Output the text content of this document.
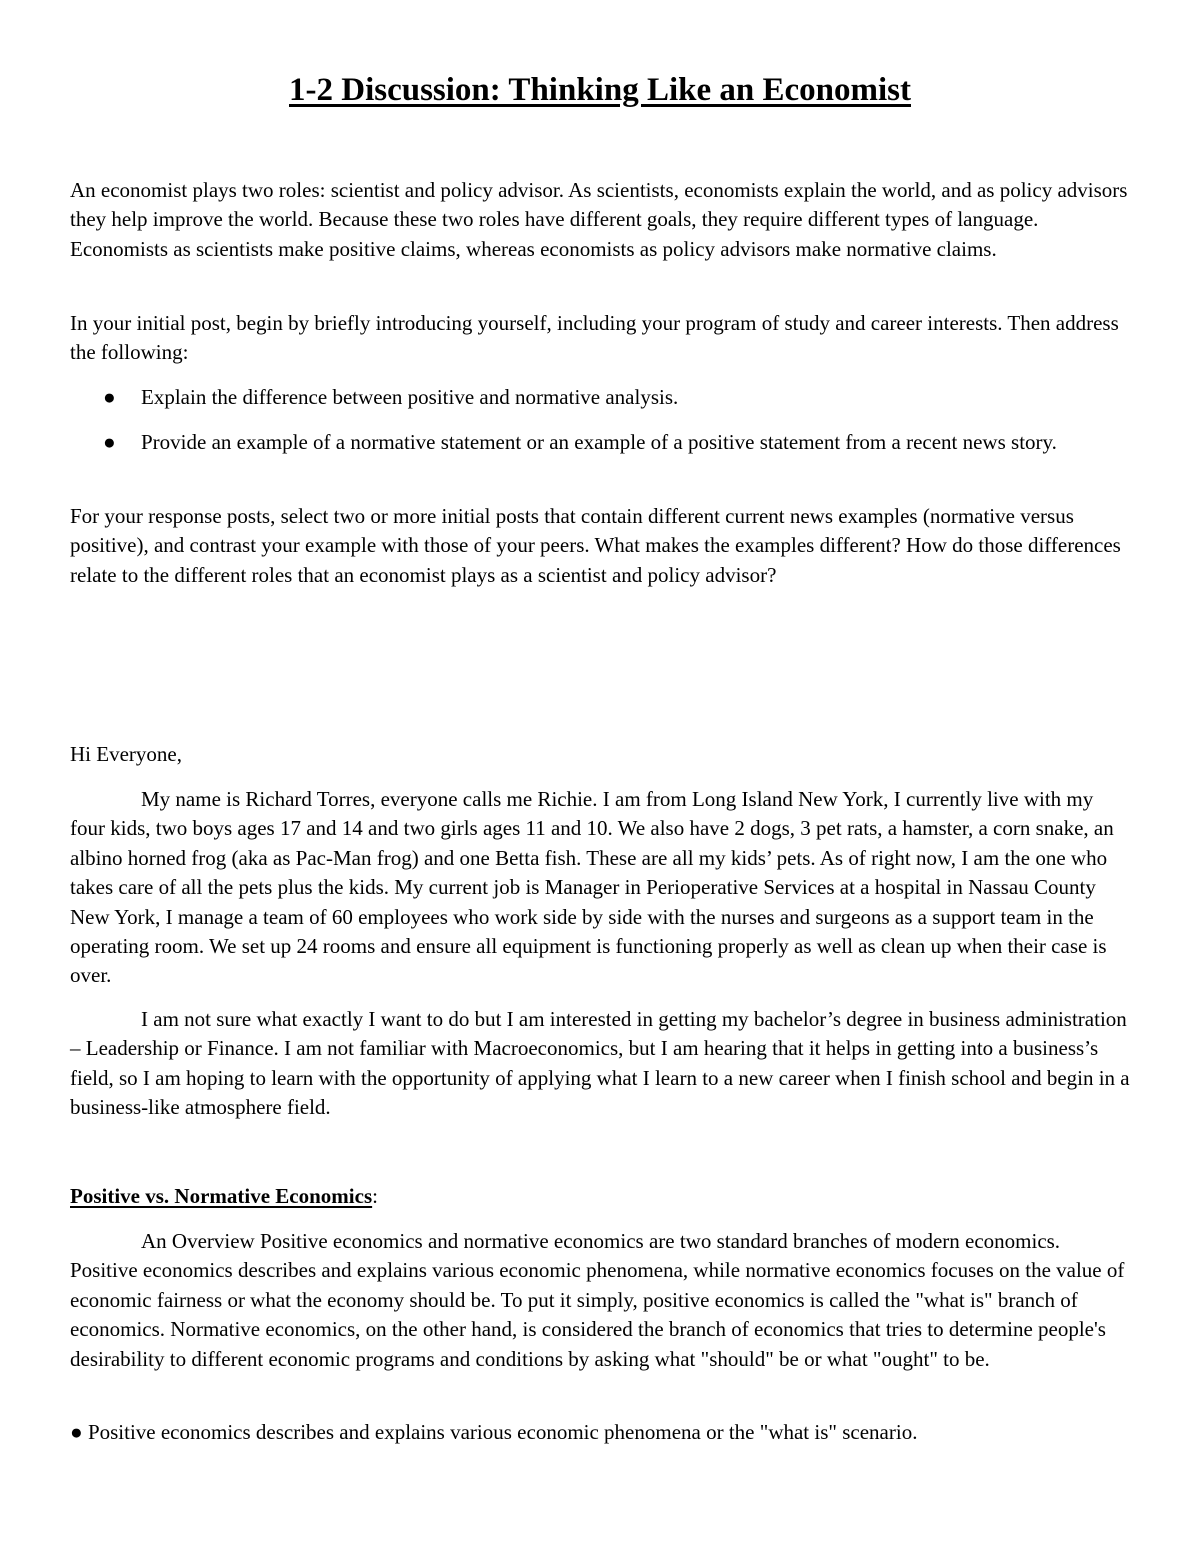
1-2 Discussion: Thinking Like an Economist

An economist plays two roles: scientist and policy advisor. As scientists, economists explain the world, and as policy advisors they help improve the world. Because these two roles have different goals, they require different types of language. Economists as scientists make positive claims, whereas economists as policy advisors make normative claims.

In your initial post, begin by briefly introducing yourself, including your program of study and career interests. Then address the following:

● Explain the difference between positive and normative analysis.

● Provide an example of a normative statement or an example of a positive statement from a recent news story.

For your response posts, select two or more initial posts that contain different current news examples (normative versus positive), and contrast your example with those of your peers. What makes the examples different? How do those differences relate to the different roles that an economist plays as a scientist and policy advisor?

Hi Everyone,

My name is Richard Torres, everyone calls me Richie. I am from Long Island New York, I currently live with my four kids, two boys ages 17 and 14 and two girls ages 11 and 10. We also have 2 dogs, 3 pet rats, a hamster, a corn snake, an albino horned frog (aka as Pac-Man frog) and one Betta fish. These are all my kids’ pets. As of right now, I am the one who takes care of all the pets plus the kids. My current job is Manager in Perioperative Services at a hospital in Nassau County New York, I manage a team of 60 employees who work side by side with the nurses and surgeons as a support team in the operating room. We set up 24 rooms and ensure all equipment is functioning properly as well as clean up when their case is over.

I am not sure what exactly I want to do but I am interested in getting my bachelor’s degree in business administration – Leadership or Finance. I am not familiar with Macroeconomics, but I am hearing that it helps in getting into a business’s field, so I am hoping to learn with the opportunity of applying what I learn to a new career when I finish school and begin in a business-like atmosphere field.

Positive vs. Normative Economics:

An Overview Positive economics and normative economics are two standard branches of modern economics. Positive economics describes and explains various economic phenomena, while normative economics focuses on the value of economic fairness or what the economy should be. To put it simply, positive economics is called the "what is" branch of economics. Normative economics, on the other hand, is considered the branch of economics that tries to determine people's desirability to different economic programs and conditions by asking what "should" be or what "ought" to be.

● Positive economics describes and explains various economic phenomena or the "what is" scenario.
